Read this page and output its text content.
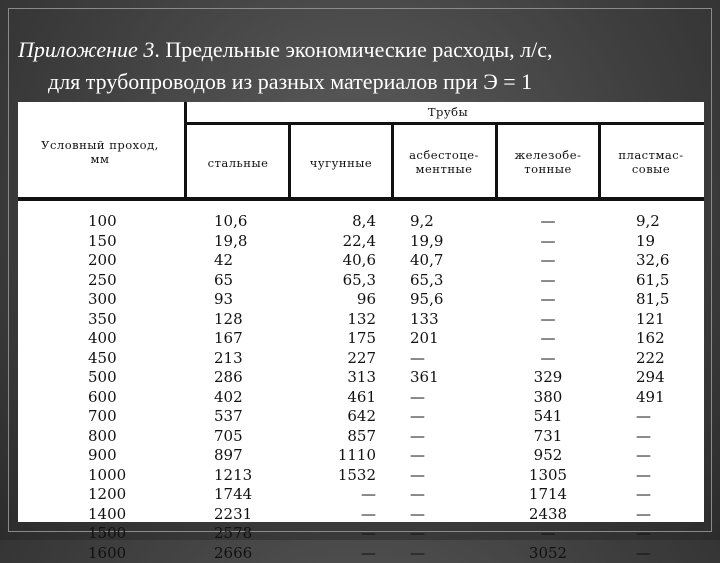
Приложение 3. Предельные экономические расходы, л/с,
для трубопроводов из разных материалов при Э = 1
Трубы
Условный проход,
мм	стальные	чугунные
асбестоце-
ментные
железобе-
тонные
пластмас-
совые
100
150
200
250
300
350
400
450
500
600
700
800
900
1000
1200
1400
1500
1600
10,6
19,8
42
65
93
128
167
213
286
402
537
705
897
1213
1744
2231
2578
2666
8,4
22,4
40,6
65,3
96
132
175
227
313
461
642
857
1110
1532
—
—
—
—
9,2
19,9
40,7
65,3
95,6
133
201
—
361
—
—
—
—
—
—
—
—
—
—
—
—
—
—
—
—
—
329
380
541
731
952
1305
1714
2438
—
3052
9,2
19
32,6
61,5
81,5
121
162
222
294
491
—
—
—
—
—
—
—
—
